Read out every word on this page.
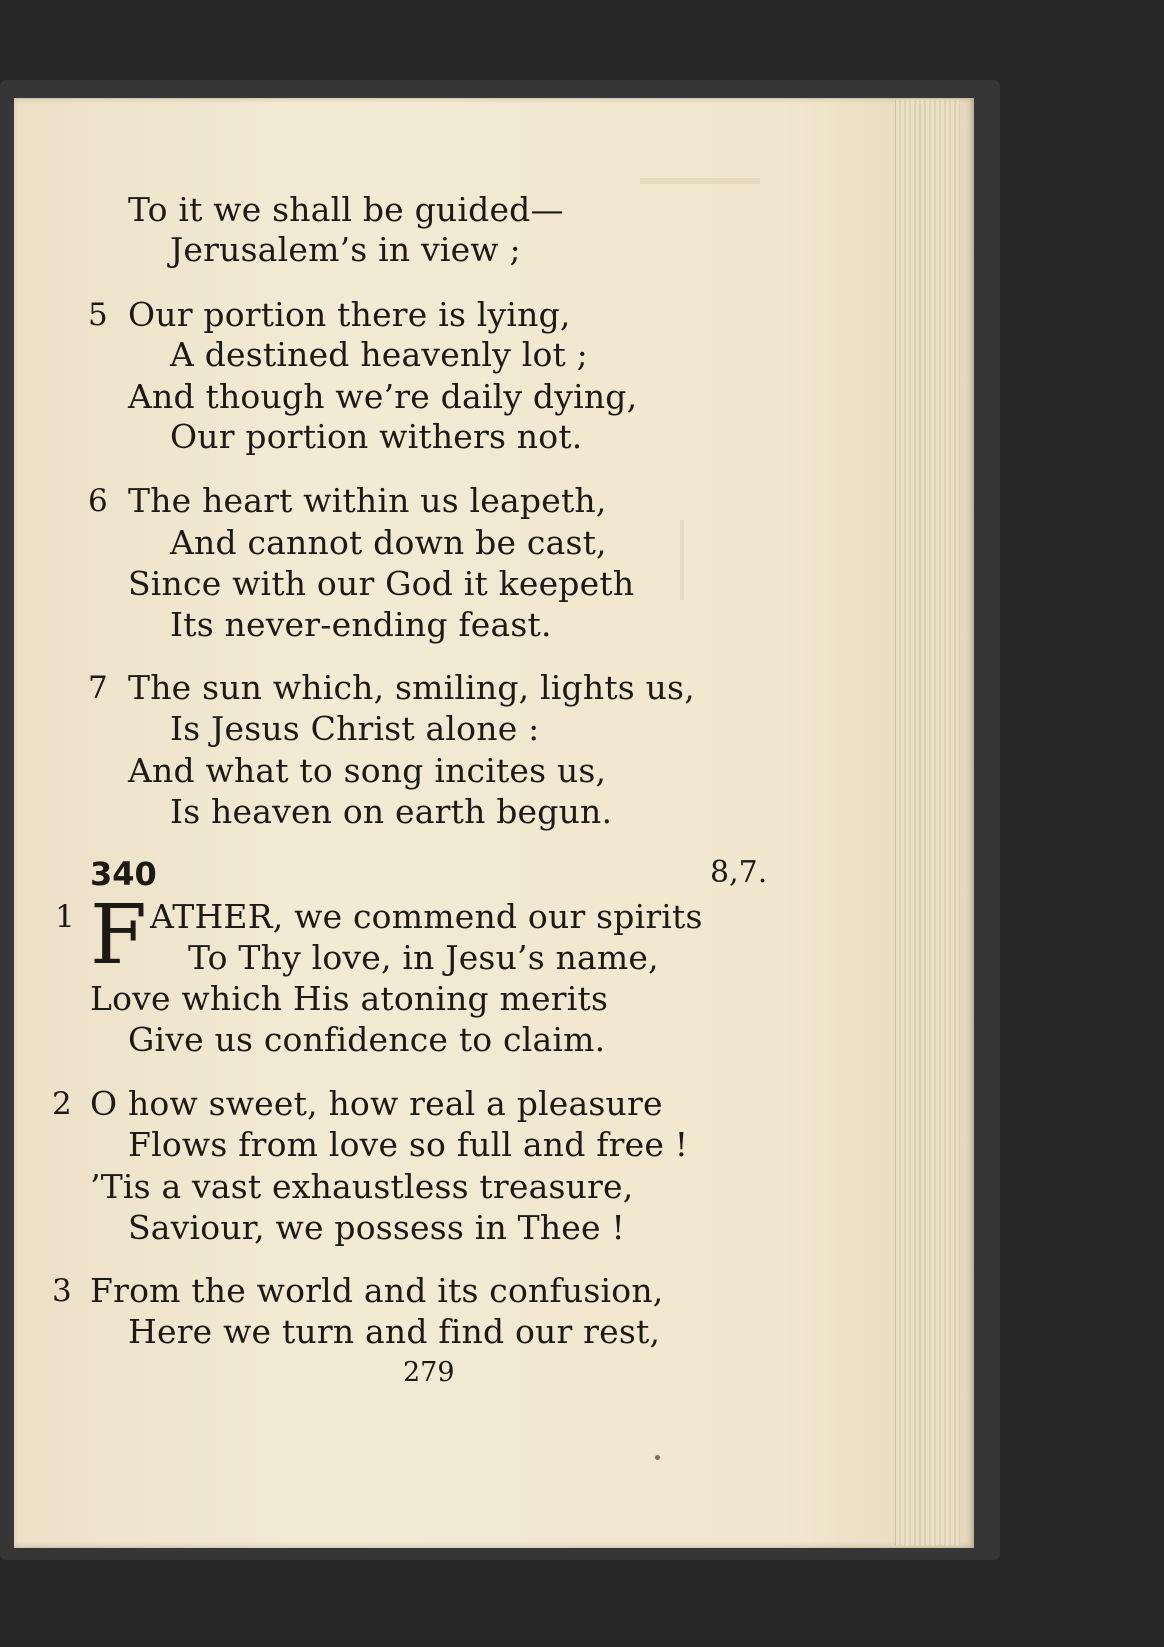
To it we shall be guided—
Jerusalem’s in view ;
5 Our portion there is lying,
A destined heavenly lot ;
And though we’re daily dying,
Our portion withers not.
6 The heart within us leapeth,
And cannot down be cast,
Since with our God it keepeth
Its never-ending feast.
7 The sun which, smiling, lights us,
Is Jesus Christ alone :
And what to song incites us,
Is heaven on earth begun.
340	8,7.
1 F ATHER, we commend our spirits
To Thy love, in Jesu’s name,
Love which His atoning merits
Give us confidence to claim.
2 O how sweet, how real a pleasure
Flows from love so full and free !
’Tis a vast exhaustless treasure,
Saviour, we possess in Thee !
3 From the world and its confusion,
Here we turn and find our rest,
279
